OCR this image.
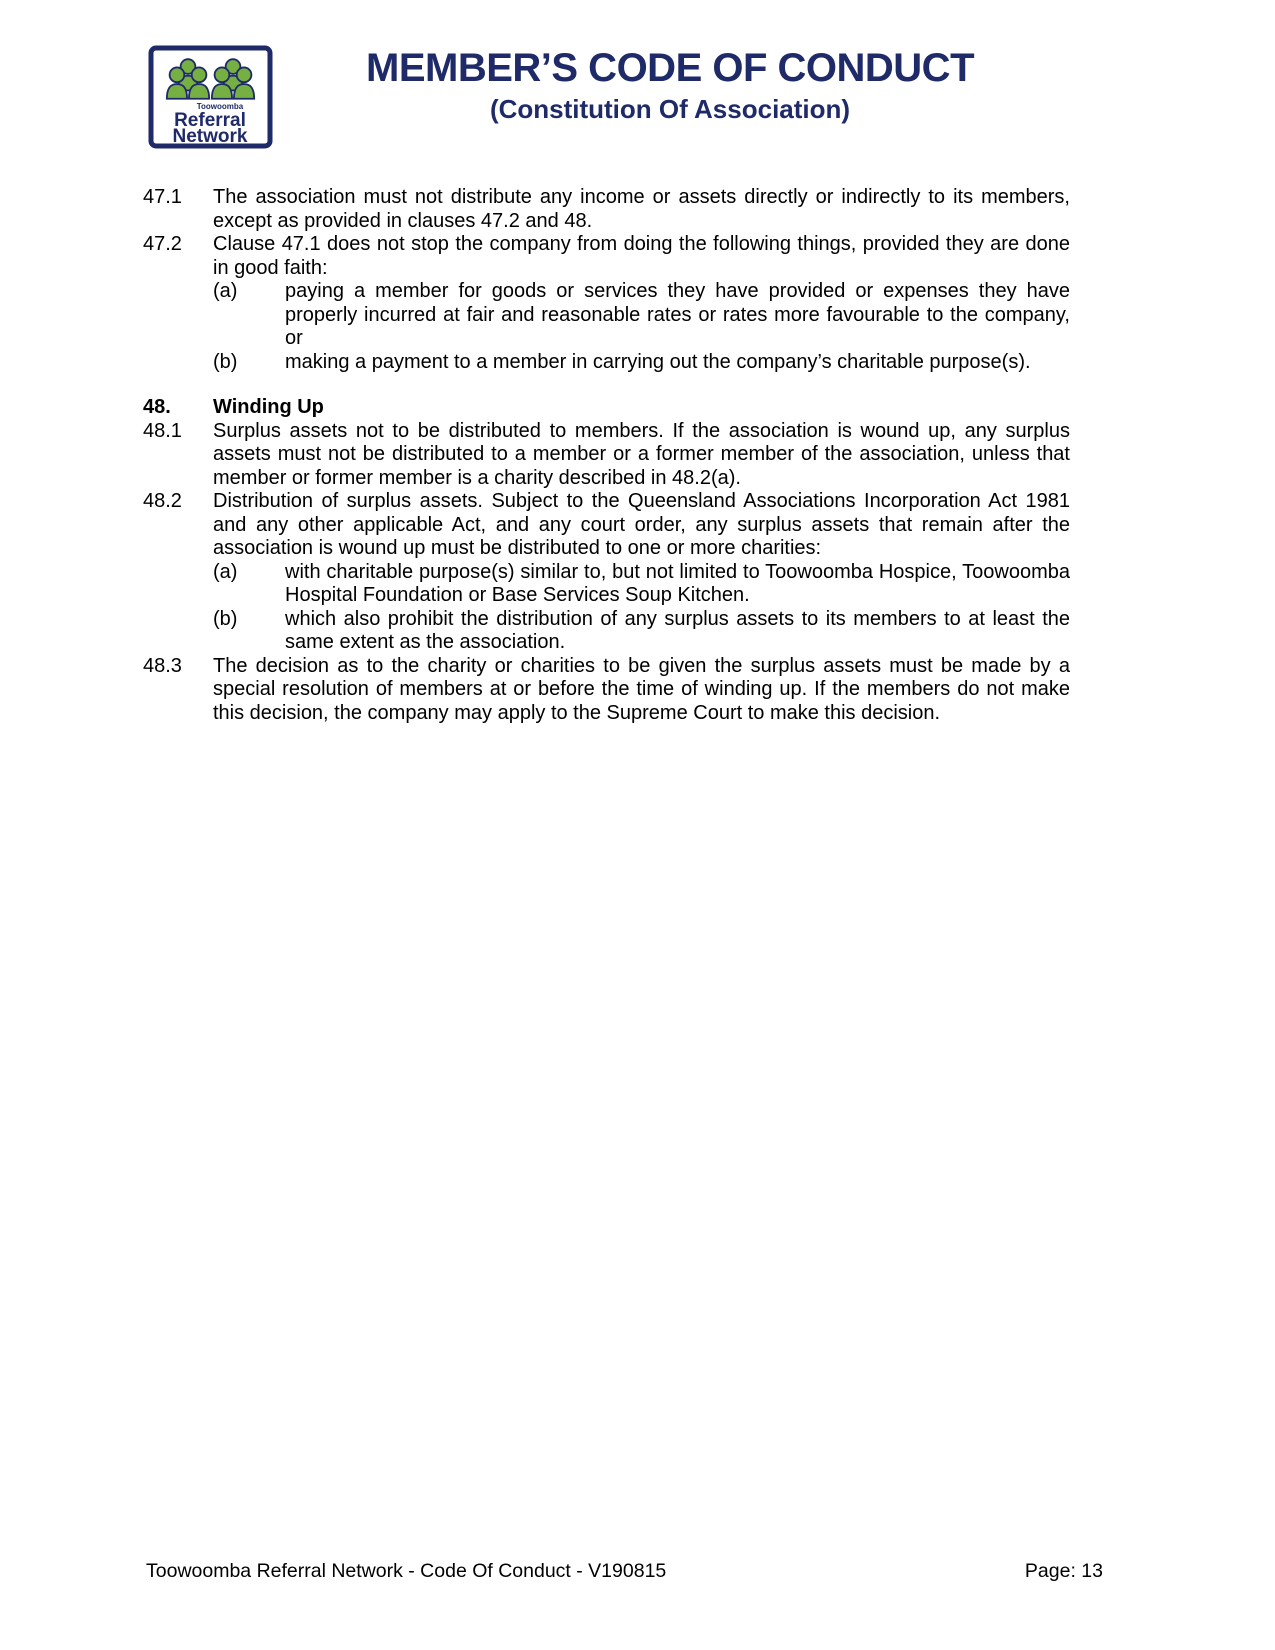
Toowoomba
Referral
Network
MEMBER’S CODE OF CONDUCT
(Constitution Of Association)
47.1	The association must not distribute any income or assets directly or indirectly to its members, except as provided in clauses 47.2 and 48.
47.2	Clause 47.1 does not stop the company from doing the following things, provided they are done in good faith:
(a)	paying a member for goods or services they have provided or expenses they have properly incurred at fair and reasonable rates or rates more favourable to the company, or
(b)	making a payment to a member in carrying out the company’s charitable purpose(s).
48.	Winding Up
48.1	Surplus assets not to be distributed to members. If the association is wound up, any surplus assets must not be distributed to a member or a former member of the association, unless that member or former member is a charity described in 48.2(a).
48.2	Distribution of surplus assets. Subject to the Queensland Associations Incorporation Act 1981 and any other applicable Act, and any court order, any surplus assets that remain after the association is wound up must be distributed to one or more charities:
(a)	with charitable purpose(s) similar to, but not limited to Toowoomba Hospice, Toowoomba Hospital Foundation or Base Services Soup Kitchen.
(b)	which also prohibit the distribution of any surplus assets to its members to at least the same extent as the association.
48.3	The decision as to the charity or charities to be given the surplus assets must be made by a special resolution of members at or before the time of winding up. If the members do not make this decision, the company may apply to the Supreme Court to make this decision.
Toowoomba Referral Network - Code Of Conduct - V190815	Page: 13
